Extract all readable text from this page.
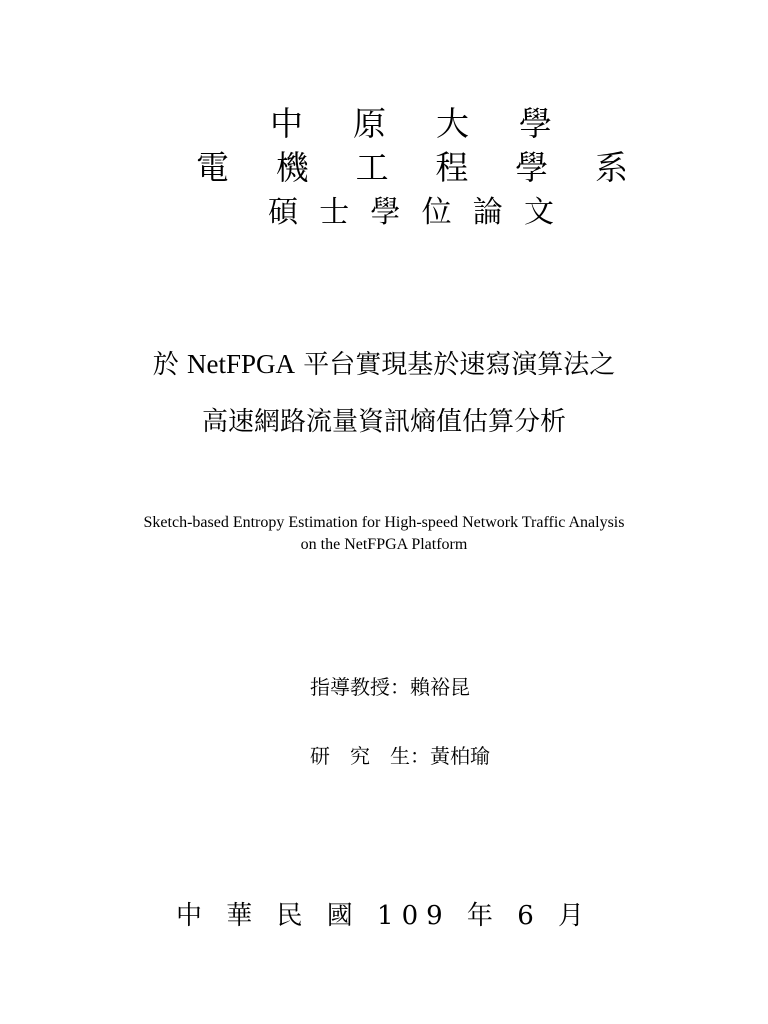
中 原 大 學
電 機 工 程 學 系
碩 士 學 位 論 文
於 NetFPGA 平台實現基於速寫演算法之
高速網路流量資訊熵值估算分析
Sketch-based Entropy Estimation for High-speed Network Traffic Analysis
on the NetFPGA Platform
指導教授：賴裕昆
研　究　生：黃柏瑜
中 華 民 國 109 年 6 月
